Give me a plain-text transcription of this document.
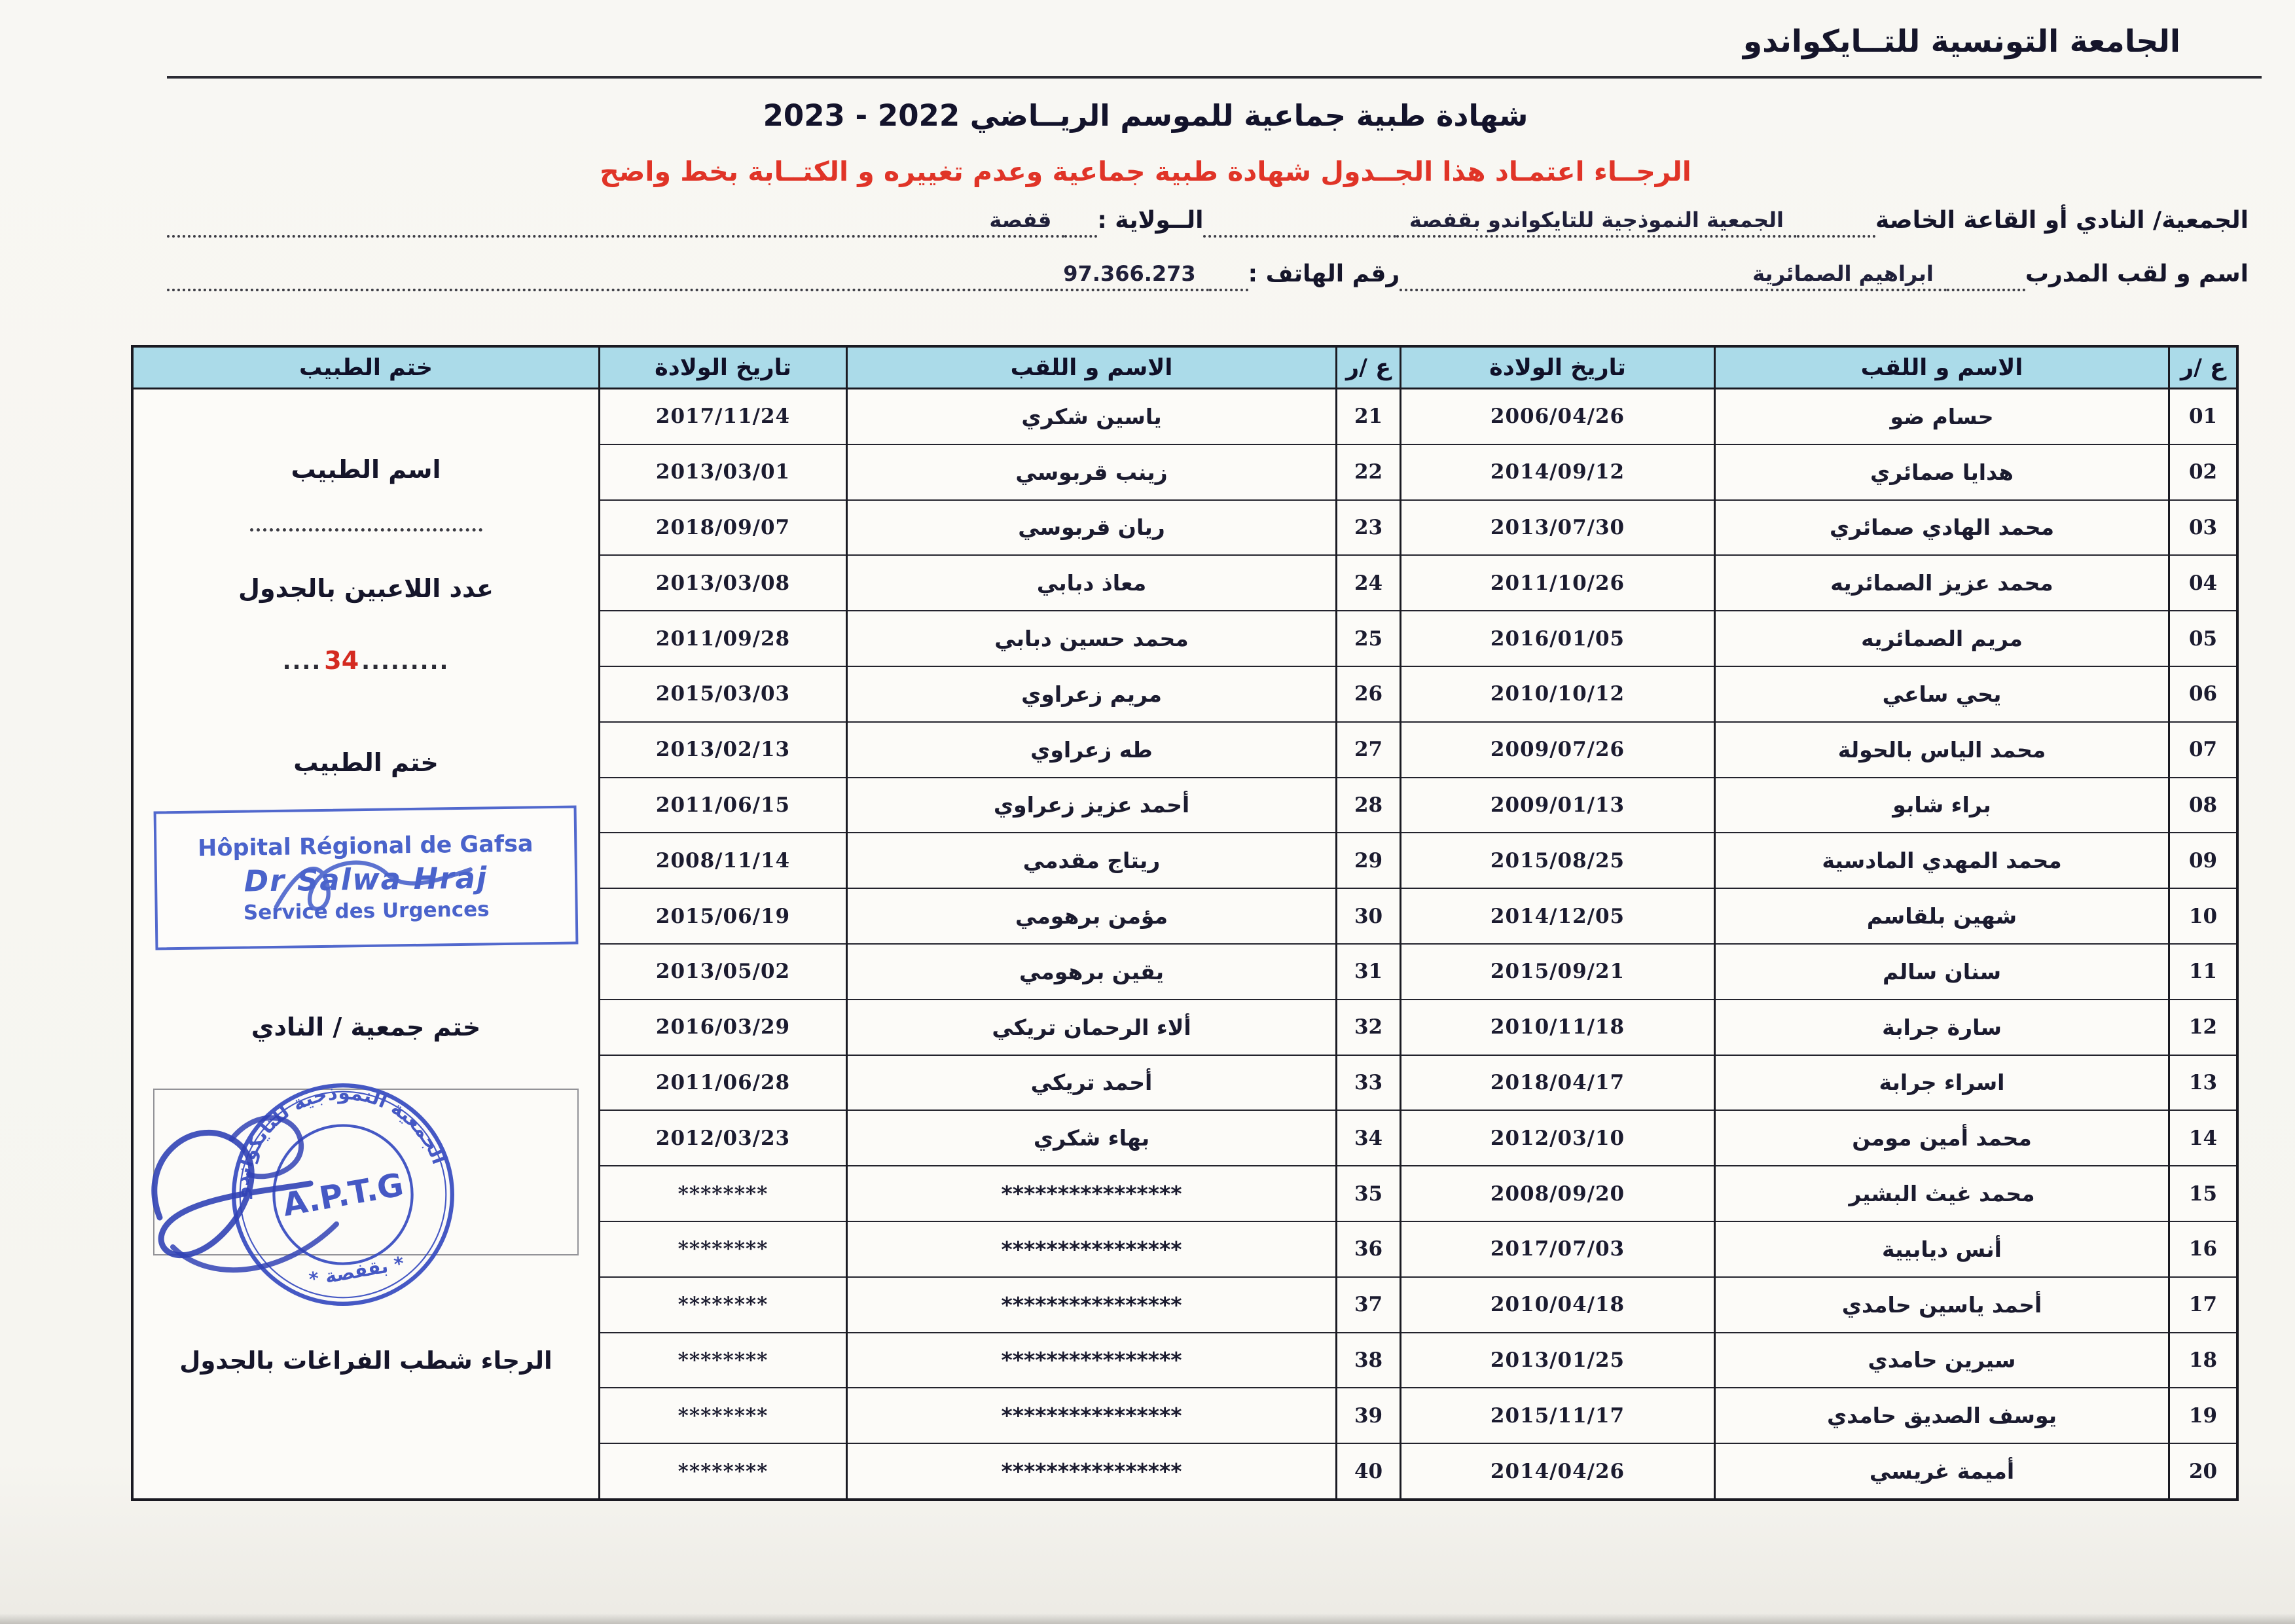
الجامعة التونسية للتــايكواندو
شهادة طبية جماعية للموسم الريــاضي 2022 - 2023
الرجــاء اعتمـاد هذا الجــدول شهادة طبية جماعية وعدم تغييره و الكتــابة بخط واضح
الجمعية/ النادي أو القاعة الخاصة
الجمعية النموذجية للتايكواندو بقفصة
الــولاية :
قفصة
اسم و لقب المدرب
ابراهيم الصمائرية
رقم الهاتف :
97.366.273
ع /ر
الاسم و اللقب
تاريخ الولادة
ع /ر
الاسم و اللقب
تاريخ الولادة
ختم الطبيب
01
02
03
04
05
06
07
08
09
10
11
12
13
14
15
16
17
18
19
20
حسام ضو
هدايا صمائري
محمد الهادي صمائري
محمد عزيز الصمائريه
مريم الصمائريه
يحي ساعي
محمد الياس بالحولة
براء شابو
محمد المهدي المادسية
شهين بلقاسم
سنان سالم
سارة جرابة
اسراء جرابة
محمد أمين مومن
محمد غيث البشير
أنس ديابيية
أحمد ياسين حامدي
سيرين حامدي
يوسف الصديق حامدي
أميمة غريسي
2006/04/26
2014/09/12
2013/07/30
2011/10/26
2016/01/05
2010/10/12
2009/07/26
2009/01/13
2015/08/25
2014/12/05
2015/09/21
2010/11/18
2018/04/17
2012/03/10
2008/09/20
2017/07/03
2010/04/18
2013/01/25
2015/11/17
2014/04/26
21
22
23
24
25
26
27
28
29
30
31
32
33
34
35
36
37
38
39
40
ياسين شكري
زينب قربوسي
ريان قربوسي
معاذ دبابي
محمد حسين دبابي
مريم زعراوي
طه زعراوي
أحمد عزيز زعراوي
ريتاج مقدمي
مؤمن برهومي
يقين برهومي
ألاء الرحمان تريكي
أحمد تريكي
بهاء شكري
****************
****************
****************
****************
****************
****************
2017/11/24
2013/03/01
2018/09/07
2013/03/08
2011/09/28
2015/03/03
2013/02/13
2011/06/15
2008/11/14
2015/06/19
2013/05/02
2016/03/29
2011/06/28
2012/03/23
********
********
********
********
********
********
اسم الطبيب
عدد اللاعبين بالجدول
.... 34 .........
ختم الطبيب
Hôpital Régional de Gafsa
Dr Salwa Hraj
Service des Urgences
ختم جمعية / النادي
الجمعية النموذجية للتايكواندو
A.P.T.G
* بقفصة *
الرجاء شطب الفراغات بالجدول
